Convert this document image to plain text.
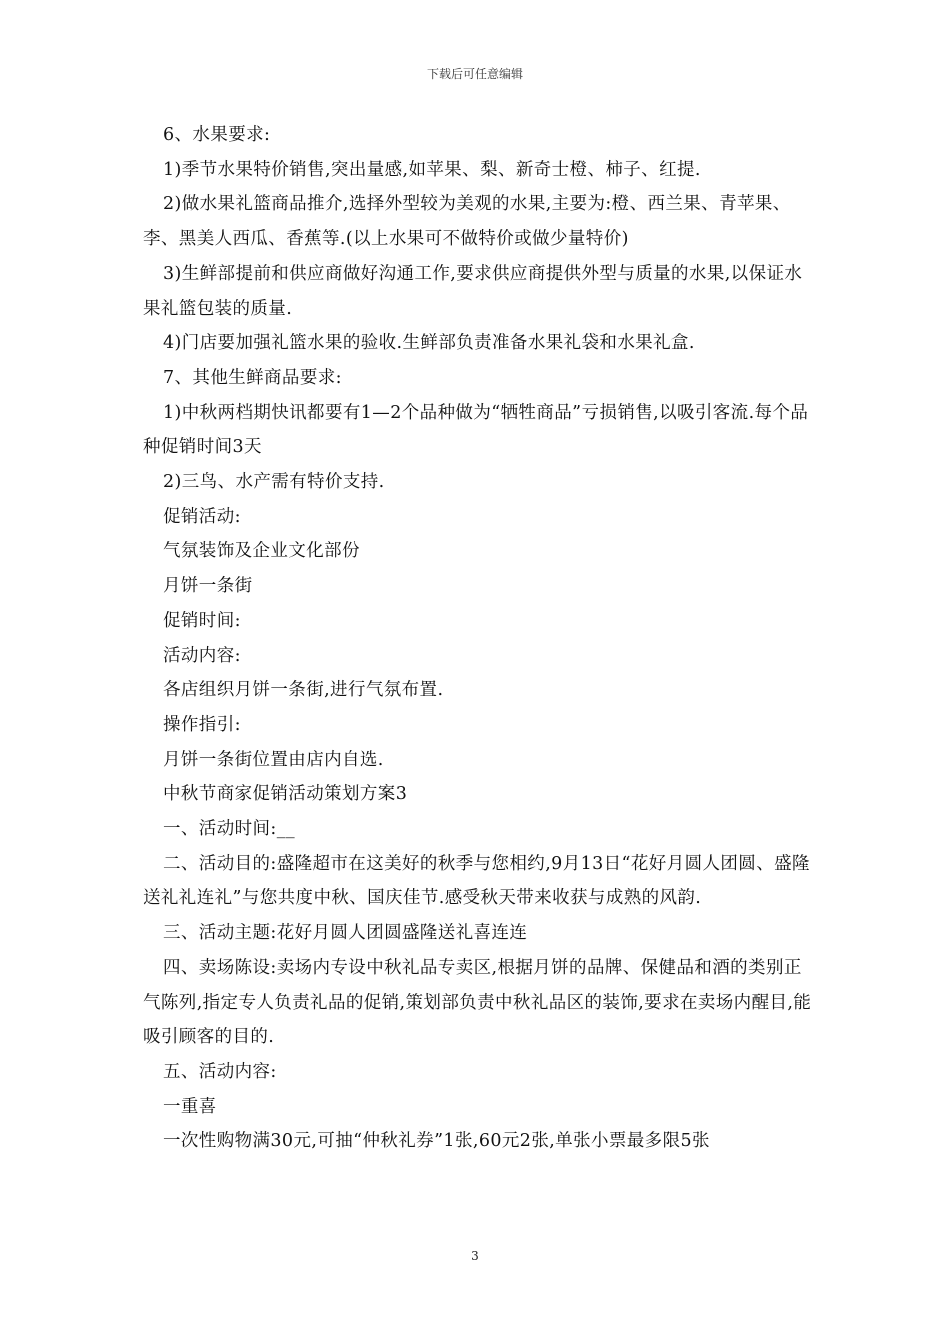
下载后可任意编辑

6、水果要求:

1)季节水果特价销售,突出量感,如苹果、梨、新奇士橙、柿子、红提.

2)做水果礼篮商品推介,选择外型较为美观的水果,主要为:橙、西兰果、青苹果、李、黑美人西瓜、香蕉等.(以上水果可不做特价或做少量特价)

3)生鲜部提前和供应商做好沟通工作,要求供应商提供外型与质量的水果,以保证水果礼篮包装的质量.

4)门店要加强礼篮水果的验收.生鲜部负责准备水果礼袋和水果礼盒.

7、其他生鲜商品要求:

1)中秋两档期快讯都要有1—2个品种做为“牺牲商品”亏损销售,以吸引客流.每个品种促销时间3天

2)三鸟、水产需有特价支持.

促销活动:

气氛装饰及企业文化部份

月饼一条街

促销时间:

活动内容:

各店组织月饼一条街,进行气氛布置.

操作指引:

月饼一条街位置由店内自选.

中秋节商家促销活动策划方案3

一、活动时间:__

二、活动目的:盛隆超市在这美好的秋季与您相约,9月13日“花好月圆人团圆、盛隆送礼礼连礼”与您共度中秋、国庆佳节.感受秋天带来收获与成熟的风韵.

三、活动主题:花好月圆人团圆盛隆送礼喜连连

四、卖场陈设:卖场内专设中秋礼品专卖区,根据月饼的品牌、保健品和酒的类别正气陈列,指定专人负责礼品的促销,策划部负责中秋礼品区的装饰,要求在卖场内醒目,能吸引顾客的目的.

五、活动内容:

一重喜

一次性购物满30元,可抽“仲秋礼券”1张,60元2张,单张小票最多限5张

3
